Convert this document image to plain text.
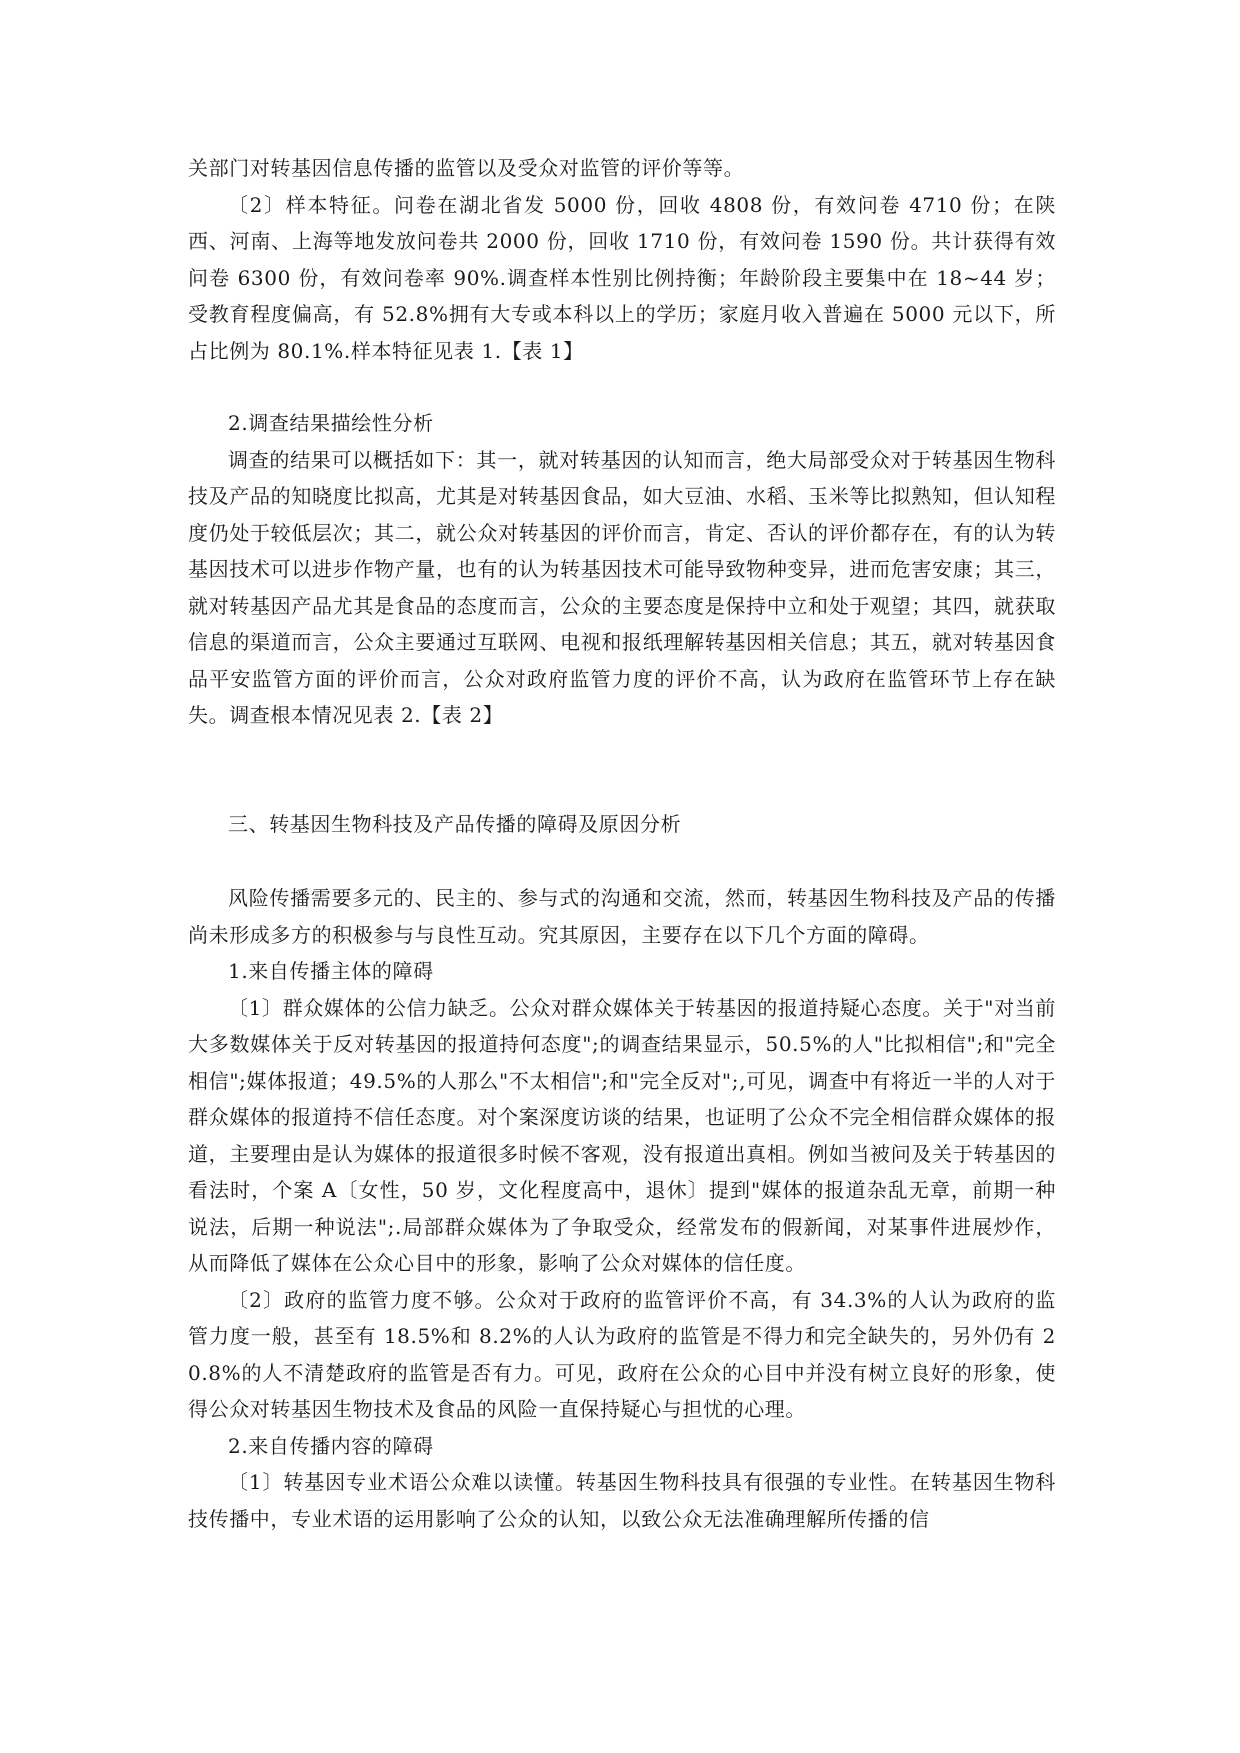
关部门对转基因信息传播的监管以及受众对监管的评价等等。

〔2〕样本特征。问卷在湖北省发 5000 份，回收 4808 份，有效问卷 4710 份；在陕西、河南、上海等地发放问卷共 2000 份，回收 1710 份，有效问卷 1590 份。共计获得有效问卷 6300 份，有效问卷率 90%.调查样本性别比例持衡；年龄阶段主要集中在 18~44 岁；受教育程度偏高，有 52.8%拥有大专或本科以上的学历；家庭月收入普遍在 5000 元以下，所占比例为 80.1%.样本特征见表 1.【表 1】

2.调查结果描绘性分析

调查的结果可以概括如下：其一，就对转基因的认知而言，绝大局部受众对于转基因生物科技及产品的知晓度比拟高，尤其是对转基因食品，如大豆油、水稻、玉米等比拟熟知，但认知程度仍处于较低层次；其二，就公众对转基因的评价而言，肯定、否认的评价都存在，有的认为转基因技术可以进步作物产量，也有的认为转基因技术可能导致物种变异，进而危害安康；其三，就对转基因产品尤其是食品的态度而言，公众的主要态度是保持中立和处于观望；其四，就获取信息的渠道而言，公众主要通过互联网、电视和报纸理解转基因相关信息；其五，就对转基因食品平安监管方面的评价而言，公众对政府监管力度的评价不高，认为政府在监管环节上存在缺失。调查根本情况见表 2.【表 2】

三、转基因生物科技及产品传播的障碍及原因分析

风险传播需要多元的、民主的、参与式的沟通和交流，然而，转基因生物科技及产品的传播尚未形成多方的积极参与与良性互动。究其原因，主要存在以下几个方面的障碍。

1.来自传播主体的障碍

〔1〕群众媒体的公信力缺乏。公众对群众媒体关于转基因的报道持疑心态度。关于"对当前大多数媒体关于反对转基因的报道持何态度";的调查结果显示，50.5%的人"比拟相信";和"完全相信";媒体报道；49.5%的人那么"不太相信";和"完全反对";,可见，调查中有将近一半的人对于群众媒体的报道持不信任态度。对个案深度访谈的结果，也证明了公众不完全相信群众媒体的报道，主要理由是认为媒体的报道很多时候不客观，没有报道出真相。例如当被问及关于转基因的看法时，个案 A〔女性，50 岁，文化程度高中，退休〕提到"媒体的报道杂乱无章，前期一种说法，后期一种说法";.局部群众媒体为了争取受众，经常发布的假新闻，对某事件进展炒作，从而降低了媒体在公众心目中的形象，影响了公众对媒体的信任度。

〔2〕政府的监管力度不够。公众对于政府的监管评价不高，有 34.3%的人认为政府的监管力度一般，甚至有 18.5%和 8.2%的人认为政府的监管是不得力和完全缺失的，另外仍有 20.8%的人不清楚政府的监管是否有力。可见，政府在公众的心目中并没有树立良好的形象，使得公众对转基因生物技术及食品的风险一直保持疑心与担忧的心理。

2.来自传播内容的障碍

〔1〕转基因专业术语公众难以读懂。转基因生物科技具有很强的专业性。在转基因生物科技传播中，专业术语的运用影响了公众的认知，以致公众无法准确理解所传播的信
